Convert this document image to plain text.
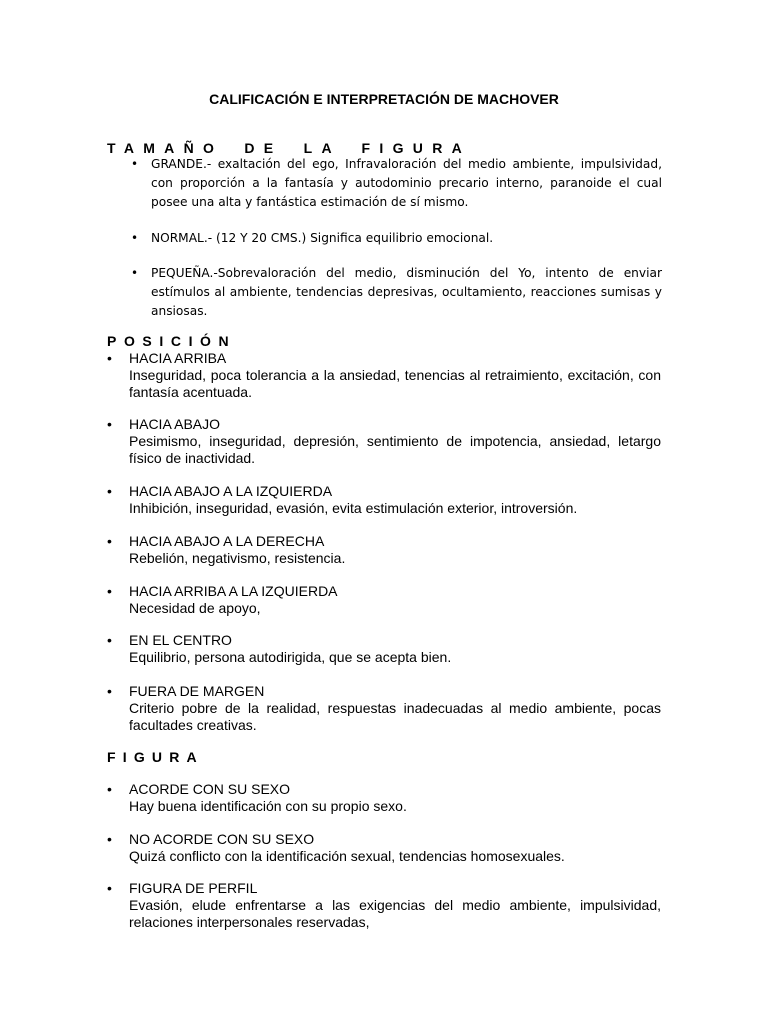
CALIFICACIÓN E INTERPRETACIÓN DE MACHOVER
TAMAÑO DE LA FIGURA
• GRANDE.- exaltación del ego, Infravaloración del medio ambiente, impulsividad, con proporción a la fantasía y autodominio precario interno, paranoide el cual posee una alta y fantástica estimación de sí mismo.
• NORMAL.- (12 Y 20 CMS.) Significa equilibrio emocional.
• PEQUEÑA.-Sobrevaloración del medio, disminución del Yo, intento de enviar estímulos al ambiente, tendencias depresivas, ocultamiento, reacciones sumisas y ansiosas.
POSICIÓN
• HACIA ARRIBA
Inseguridad, poca tolerancia a la ansiedad, tenencias al retraimiento, excitación, con fantasía acentuada.
• HACIA ABAJO
Pesimismo, inseguridad, depresión, sentimiento de impotencia, ansiedad, letargo físico de inactividad.
• HACIA ABAJO A LA IZQUIERDA
Inhibición, inseguridad, evasión, evita estimulación exterior, introversión.
• HACIA ABAJO A LA DERECHA
Rebelión, negativismo, resistencia.
• HACIA ARRIBA A LA IZQUIERDA
Necesidad de apoyo,
• EN EL CENTRO
Equilibrio, persona autodirigida, que se acepta bien.
• FUERA DE MARGEN
Criterio pobre de la realidad, respuestas inadecuadas al medio ambiente, pocas facultades creativas.
FIGURA
• ACORDE CON SU SEXO
Hay buena identificación con su propio sexo.
• NO ACORDE CON SU SEXO
Quizá conflicto con la identificación sexual, tendencias homosexuales.
• FIGURA DE PERFIL
Evasión, elude enfrentarse a las exigencias del medio ambiente, impulsividad, relaciones interpersonales reservadas,
